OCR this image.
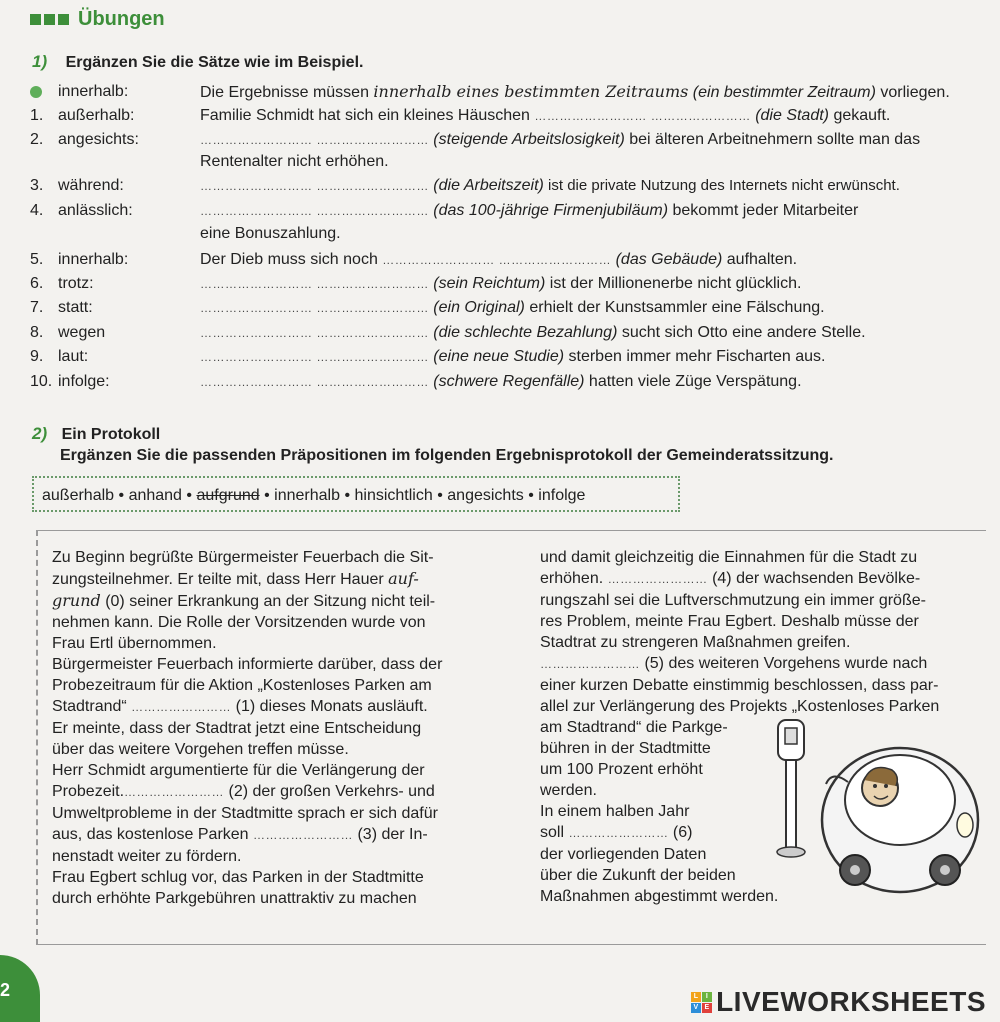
Übungen
1) Ergänzen Sie die Sätze wie im Beispiel.
innerhalb:	Die Ergebnisse müssen innerhalb eines bestimmten Zeitraums (ein bestimmter Zeitraum) vorliegen.
1. außerhalb:	Familie Schmidt hat sich ein kleines Häuschen ……………………… …………………… (die Stadt) gekauft.
2. angesichts:	……………………… ……………………… (steigende Arbeitslosigkeit) bei älteren Arbeitnehmern sollte man das
Rentenalter nicht erhöhen.
3. während:	……………………… ……………………… (die Arbeitszeit) ist die private Nutzung des Internets nicht erwünscht.
4. anlässlich:	……………………… ……………………… (das 100-jährige Firmenjubiläum) bekommt jeder Mitarbeiter
eine Bonuszahlung.
5. innerhalb:	Der Dieb muss sich noch ……………………… ……………………… (das Gebäude) aufhalten.
6. trotz:	……………………… ……………………… (sein Reichtum) ist der Millionenerbe nicht glücklich.
7. statt:	……………………… ……………………… (ein Original) erhielt der Kunstsammler eine Fälschung.
8. wegen	……………………… ……………………… (die schlechte Bezahlung) sucht sich Otto eine andere Stelle.
9. laut:	……………………… ……………………… (eine neue Studie) sterben immer mehr Fischarten aus.
10. infolge:	……………………… ……………………… (schwere Regenfälle) hatten viele Züge Verspätung.
2) Ein Protokoll
Ergänzen Sie die passenden Präpositionen im folgenden Ergebnisprotokoll der Gemeinderatssitzung.
außerhalb • anhand • aufgrund • innerhalb • hinsichtlich • angesichts • infolge

Zu Beginn begrüßte Bürgermeister Feuerbach die Sit-

zungsteilnehmer. Er teilte mit, dass Herr Hauer auf-

grund (0) seiner Erkrankung an der Sitzung nicht teil-

nehmen kann. Die Rolle der Vorsitzenden wurde von

Frau Ertl übernommen.

Bürgermeister Feuerbach informierte darüber, dass der

Probezeitraum für die Aktion „Kostenloses Parken am

Stadtrand“ …………………… (1) dieses Monats ausläuft.

Er meinte, dass der Stadtrat jetzt eine Entscheidung

über das weitere Vorgehen treffen müsse.

Herr Schmidt argumentierte für die Verlängerung der

Probezeit.…………………… (2) der großen Verkehrs- und

Umweltprobleme in der Stadtmitte sprach er sich dafür

aus, das kostenlose Parken …………………… (3) der In-

nenstadt weiter zu fördern.

Frau Egbert schlug vor, das Parken in der Stadtmitte

durch erhöhte Parkgebühren unattraktiv zu machen

und damit gleichzeitig die Einnahmen für die Stadt zu

erhöhen. …………………… (4) der wachsenden Bevölke-

rungszahl sei die Luftverschmutzung ein immer größe-

res Problem, meinte Frau Egbert. Deshalb müsse der

Stadtrat zu strengeren Maßnahmen greifen.

…………………… (5) des weiteren Vorgehens wurde nach

einer kurzen Debatte einstimmig beschlossen, dass par-

allel zur Verlängerung des Projekts „Kostenloses Parken

am Stadtrand“ die Parkge-

bühren in der Stadtmitte

um 100 Prozent erhöht

werden.

In einem halben Jahr

soll …………………… (6)

der vorliegenden Daten

über die Zukunft der beiden

Maßnahmen abgestimmt werden.

2	L	I
V E LIVEWORKSHEETS
